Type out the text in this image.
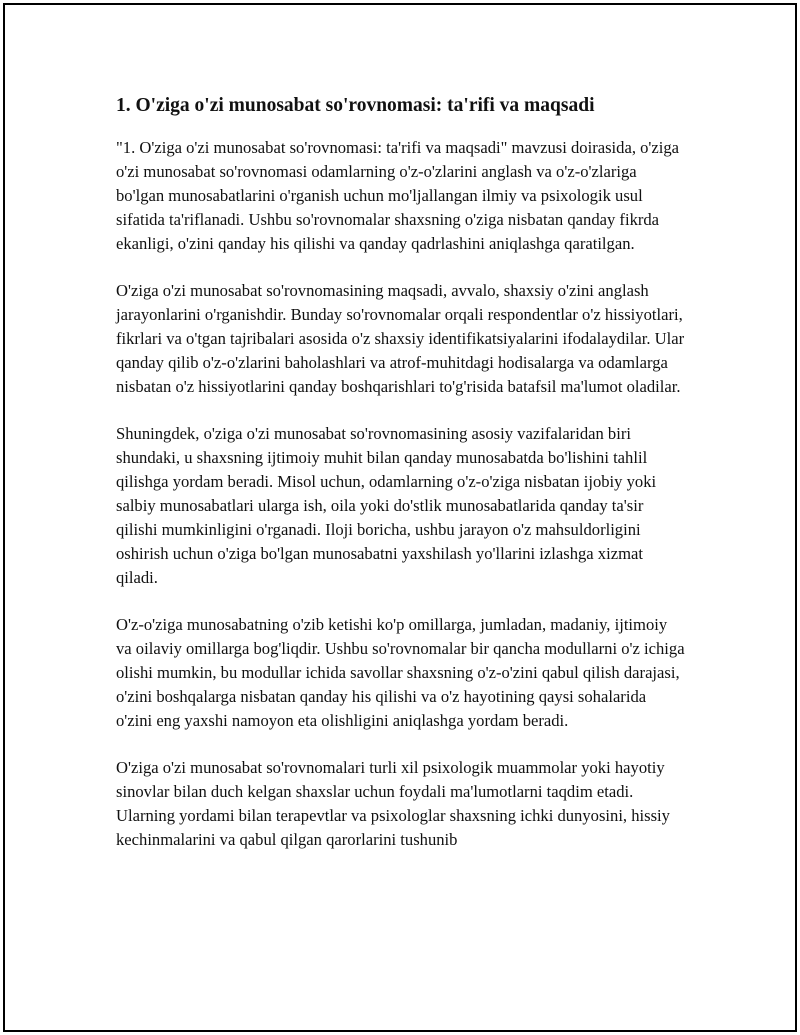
1. O'ziga o'zi munosabat so'rovnomasi: ta'rifi va maqsadi

"1. O'ziga o'zi munosabat so'rovnomasi: ta'rifi va maqsadi" mavzusi doirasida, o'ziga o'zi munosabat so'rovnomasi odamlarning o'z-o'zlarini anglash va o'z-o'zlariga bo'lgan munosabatlarini o'rganish uchun mo'ljallangan ilmiy va psixologik usul sifatida ta'riflanadi. Ushbu so'rovnomalar shaxsning o'ziga nisbatan qanday fikrda ekanligi, o'zini qanday his qilishi va qanday qadrlashini aniqlashga qaratilgan.

O'ziga o'zi munosabat so'rovnomasining maqsadi, avvalo, shaxsiy o'zini anglash jarayonlarini o'rganishdir. Bunday so'rovnomalar orqali respondentlar o'z hissiyotlari, fikrlari va o'tgan tajribalari asosida o'z shaxsiy identifikatsiyalarini ifodalaydilar. Ular qanday qilib o'z-o'zlarini baholashlari va atrof-muhitdagi hodisalarga va odamlarga nisbatan o'z hissiyotlarini qanday boshqarishlari to'g'risida batafsil ma'lumot oladilar.

Shuningdek, o'ziga o'zi munosabat so'rovnomasining asosiy vazifalaridan biri shundaki, u shaxsning ijtimoiy muhit bilan qanday munosabatda bo'lishini tahlil qilishga yordam beradi. Misol uchun, odamlarning o'z-o'ziga nisbatan ijobiy yoki salbiy munosabatlari ularga ish, oila yoki do'stlik munosabatlarida qanday ta'sir qilishi mumkinligini o'rganadi. Iloji boricha, ushbu jarayon o'z mahsuldorligini oshirish uchun o'ziga bo'lgan munosabatni yaxshilash yo'llarini izlashga xizmat qiladi.

O'z-o'ziga munosabatning o'zib ketishi ko'p omillarga, jumladan, madaniy, ijtimoiy va oilaviy omillarga bog'liqdir. Ushbu so'rovnomalar bir qancha modullarni o'z ichiga olishi mumkin, bu modullar ichida savollar shaxsning o'z-o'zini qabul qilish darajasi, o'zini boshqalarga nisbatan qanday his qilishi va o'z hayotining qaysi sohalarida o'zini eng yaxshi namoyon eta olishligini aniqlashga yordam beradi.

O'ziga o'zi munosabat so'rovnomalari turli xil psixologik muammolar yoki hayotiy sinovlar bilan duch kelgan shaxslar uchun foydali ma'lumotlarni taqdim etadi. Ularning yordami bilan terapevtlar va psixologlar shaxsning ichki dunyosini, hissiy kechinmalarini va qabul qilgan qarorlarini tushunib
